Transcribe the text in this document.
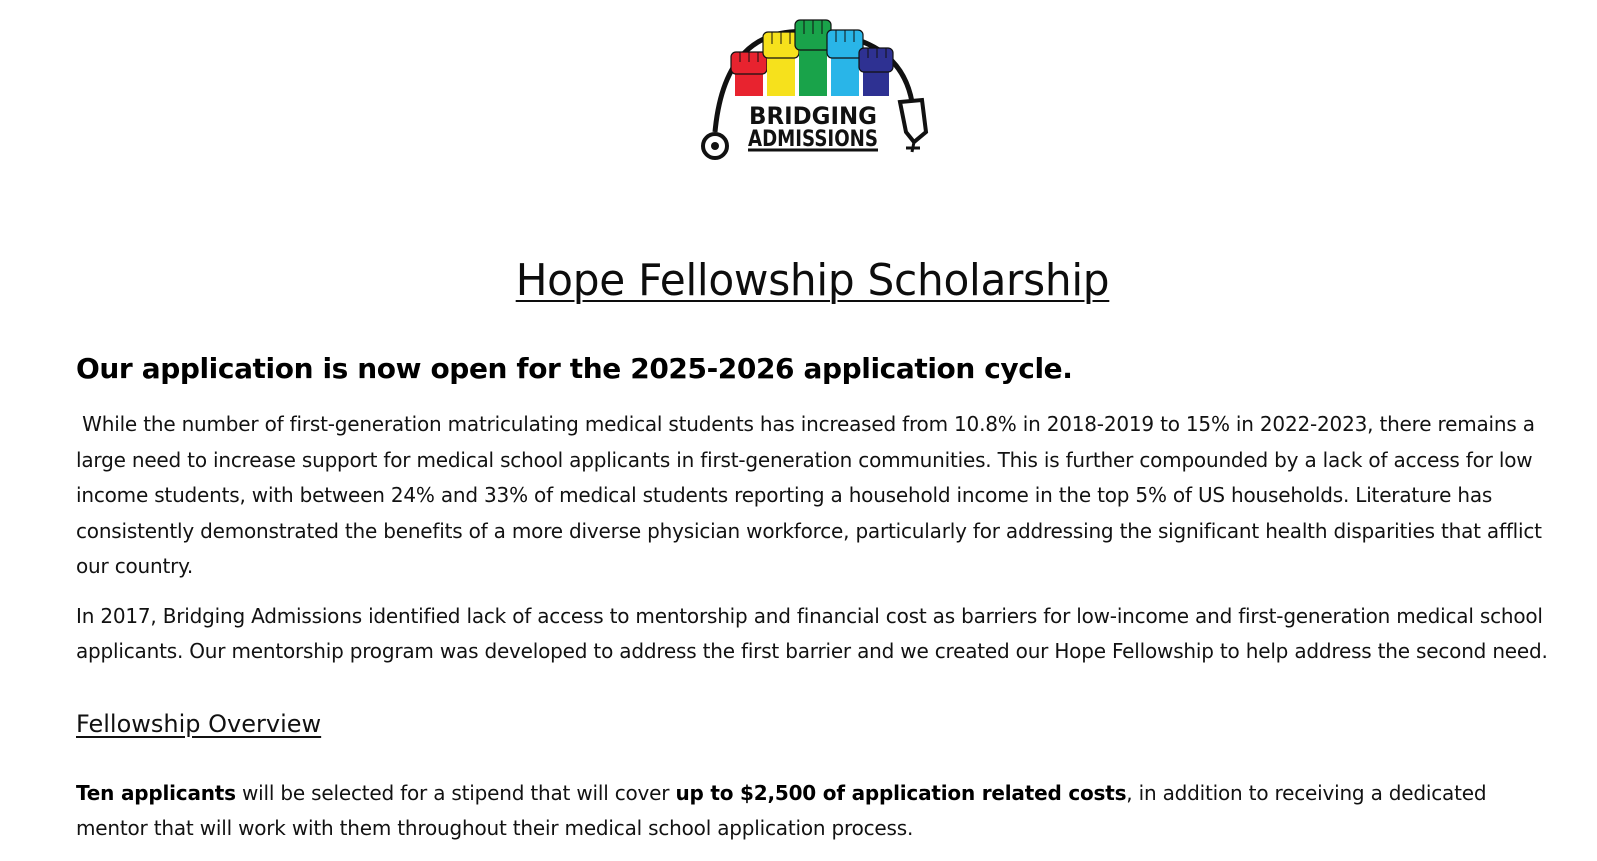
BRIDGING
ADMISSIONS
Hope Fellowship Scholarship
Our application is now open for the 2025-2026 application cycle.

While the number of first-generation matriculating medical students has increased from 10.8% in 2018-2019 to 15% in 2022-2023, there remains a large need to increase support for medical school applicants in first-generation communities. This is further compounded by a lack of access for low income students, with between 24% and 33% of medical students reporting a household income in the top 5% of US households. Literature has consistently demonstrated the benefits of a more diverse physician workforce, particularly for addressing the significant health disparities that afflict our country.

In 2017, Bridging Admissions identified lack of access to mentorship and financial cost as barriers for low-income and first-generation medical school applicants. Our mentorship program was developed to address the first barrier and we created our Hope Fellowship to help address the second need.

Fellowship Overview

Ten applicants will be selected for a stipend that will cover up to $2,500 of application related costs, in addition to receiving a dedicated mentor that will work with them throughout their medical school application process.
